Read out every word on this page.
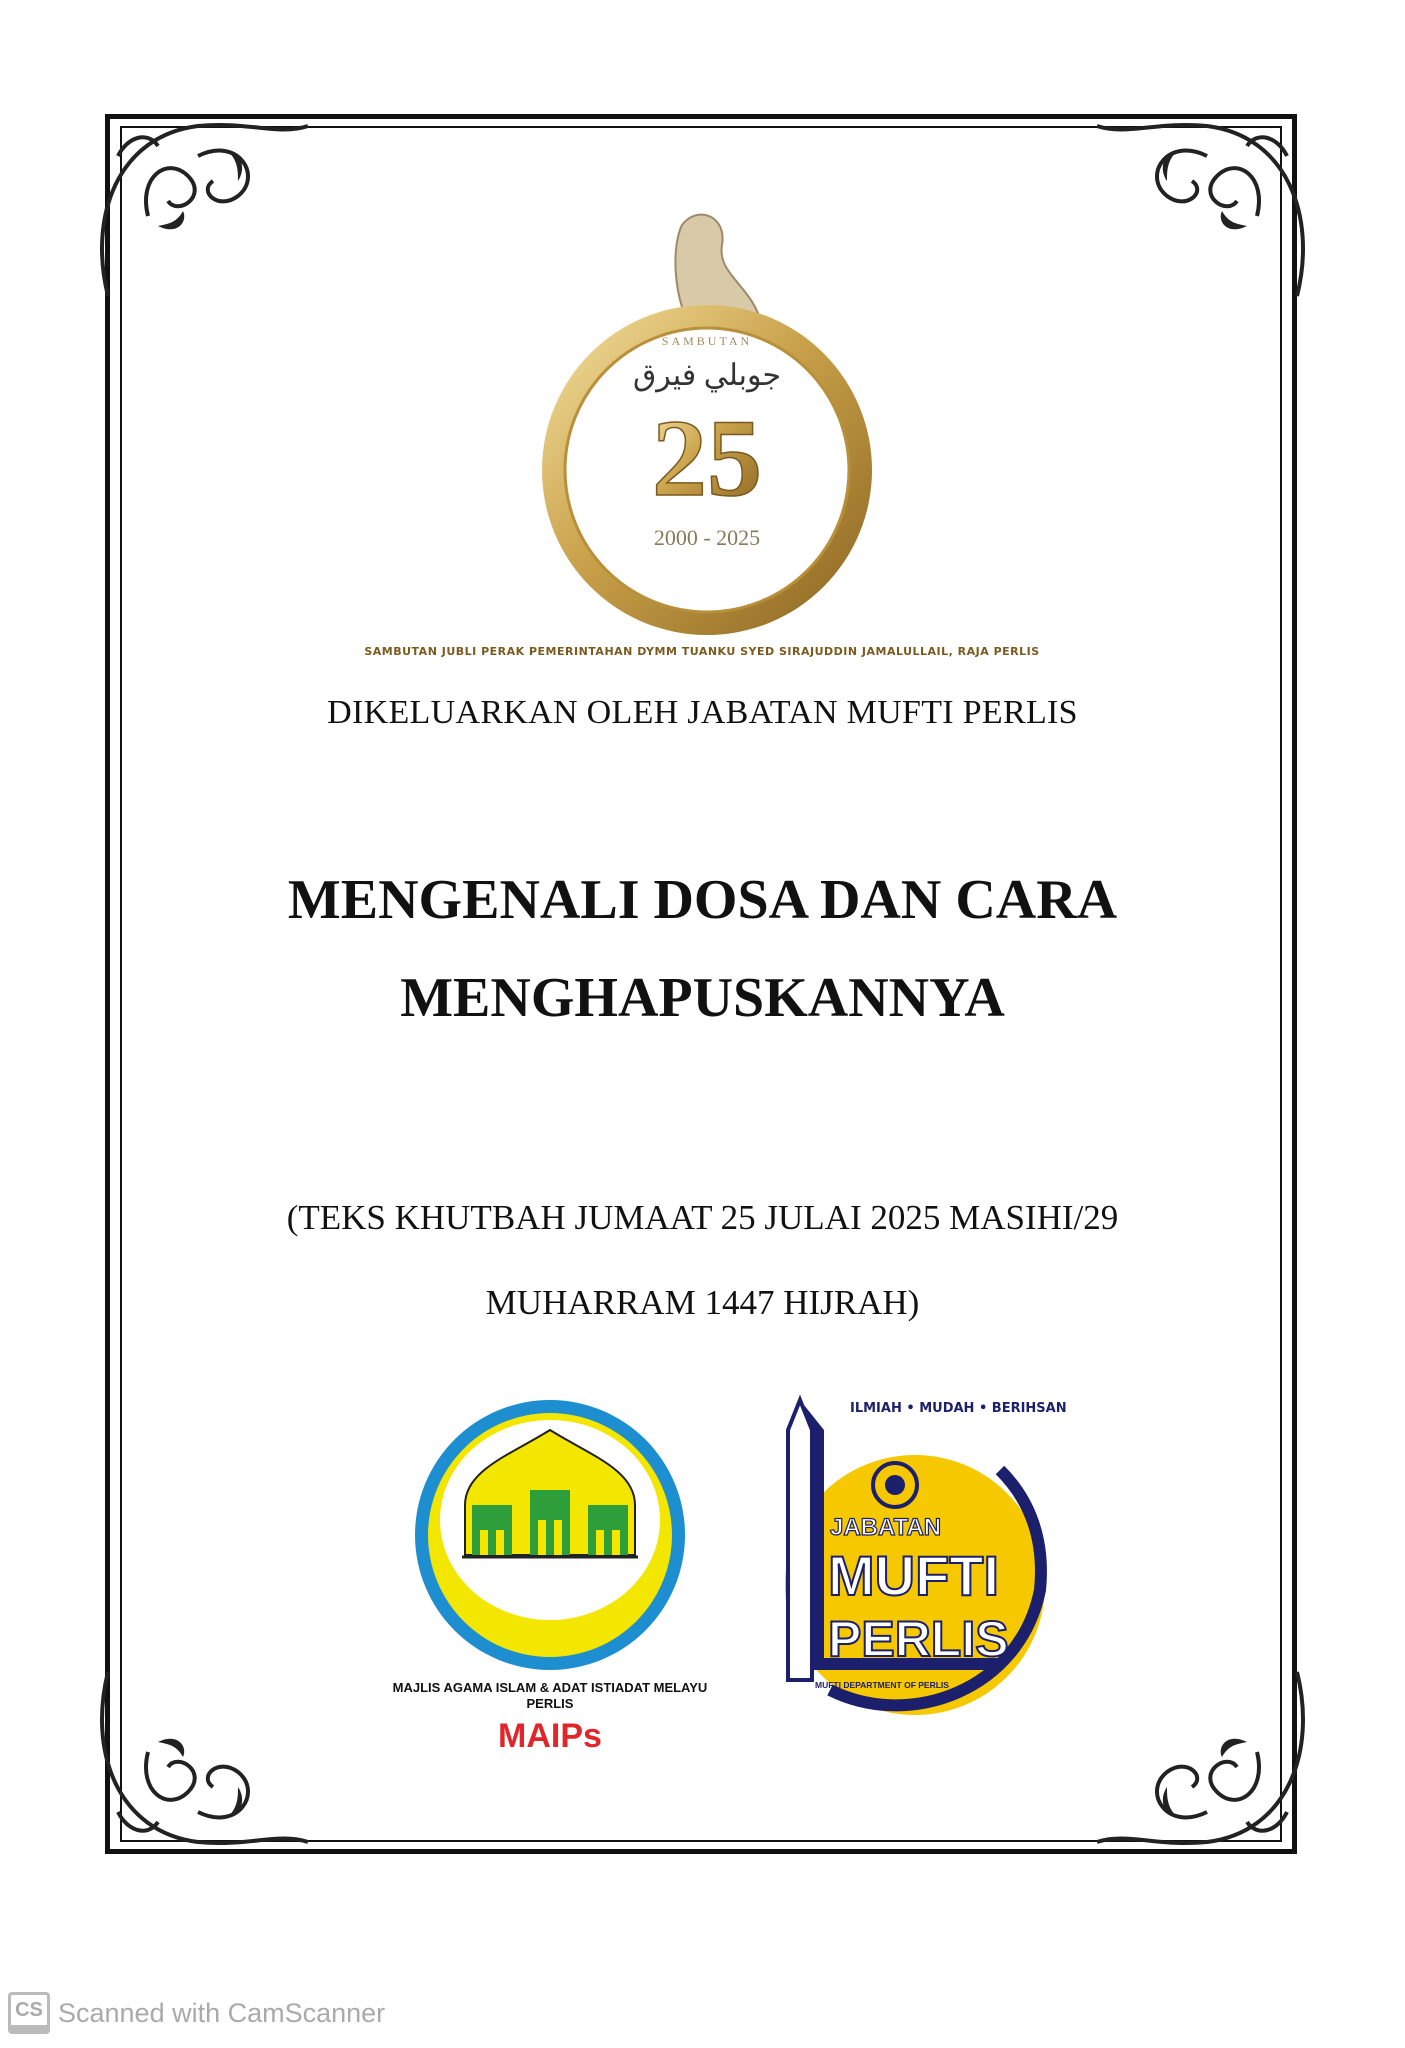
SAMBUTAN
جوبلي فيرق
25
2000 - 2025
SAMBUTAN JUBLI PERAK PEMERINTAHAN DYMM TUANKU SYED SIRAJUDDIN JAMALULLAIL, RAJA PERLIS
DIKELUARKAN OLEH JABATAN MUFTI PERLIS
MENGENALI DOSA DAN CARA
MENGHAPUSKANNYA
(TEKS KHUTBAH JUMAAT 25 JULAI 2025 MASIHI/29
MUHARRAM 1447 HIJRAH)
MAJLIS AGAMA ISLAM & ADAT ISTIADAT MELAYU PERLIS
MAIPs
ILMIAH • MUDAH • BERIHSAN
JABATAN
MUFTI
PERLIS
MUFTI DEPARTMENT OF PERLIS
CS Scanned with CamScanner
